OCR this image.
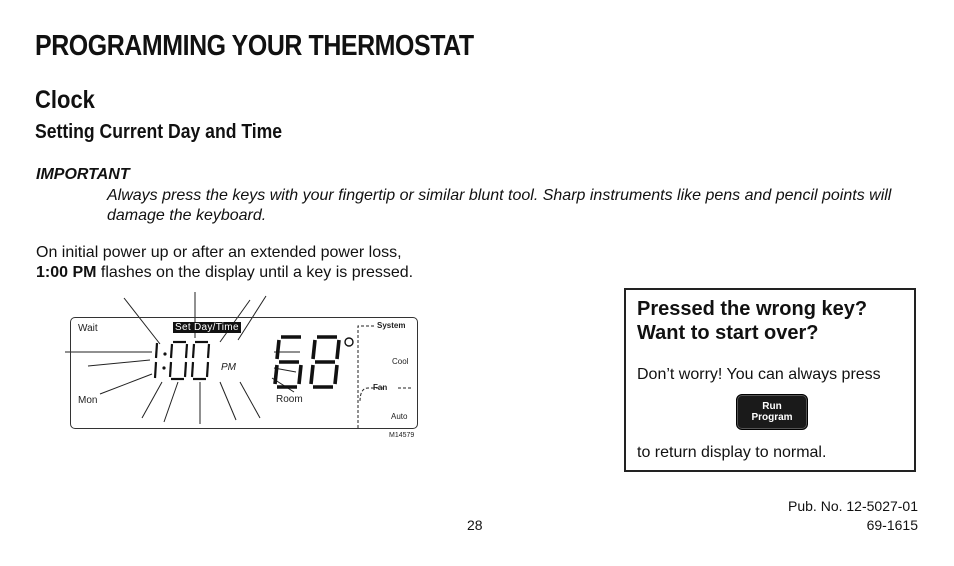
PROGRAMMING YOUR THERMOSTAT
Clock
Setting Current Day and Time
IMPORTANT
Always press the keys with your fingertip or similar blunt tool. Sharp instruments like pens and pencil points will damage the keyboard.
On initial power up or after an extended power loss,
1:00 PM flashes on the display until a key is pressed.
Wait	Set Day/Time
Mon
PM
Room
System
Cool
Fan
Auto
M14579
Pressed the wrong key? Want to start over?
Don’t worry! You can always press
Run
Program
to return display to normal.
28
Pub. No. 12-5027-01
69-1615
